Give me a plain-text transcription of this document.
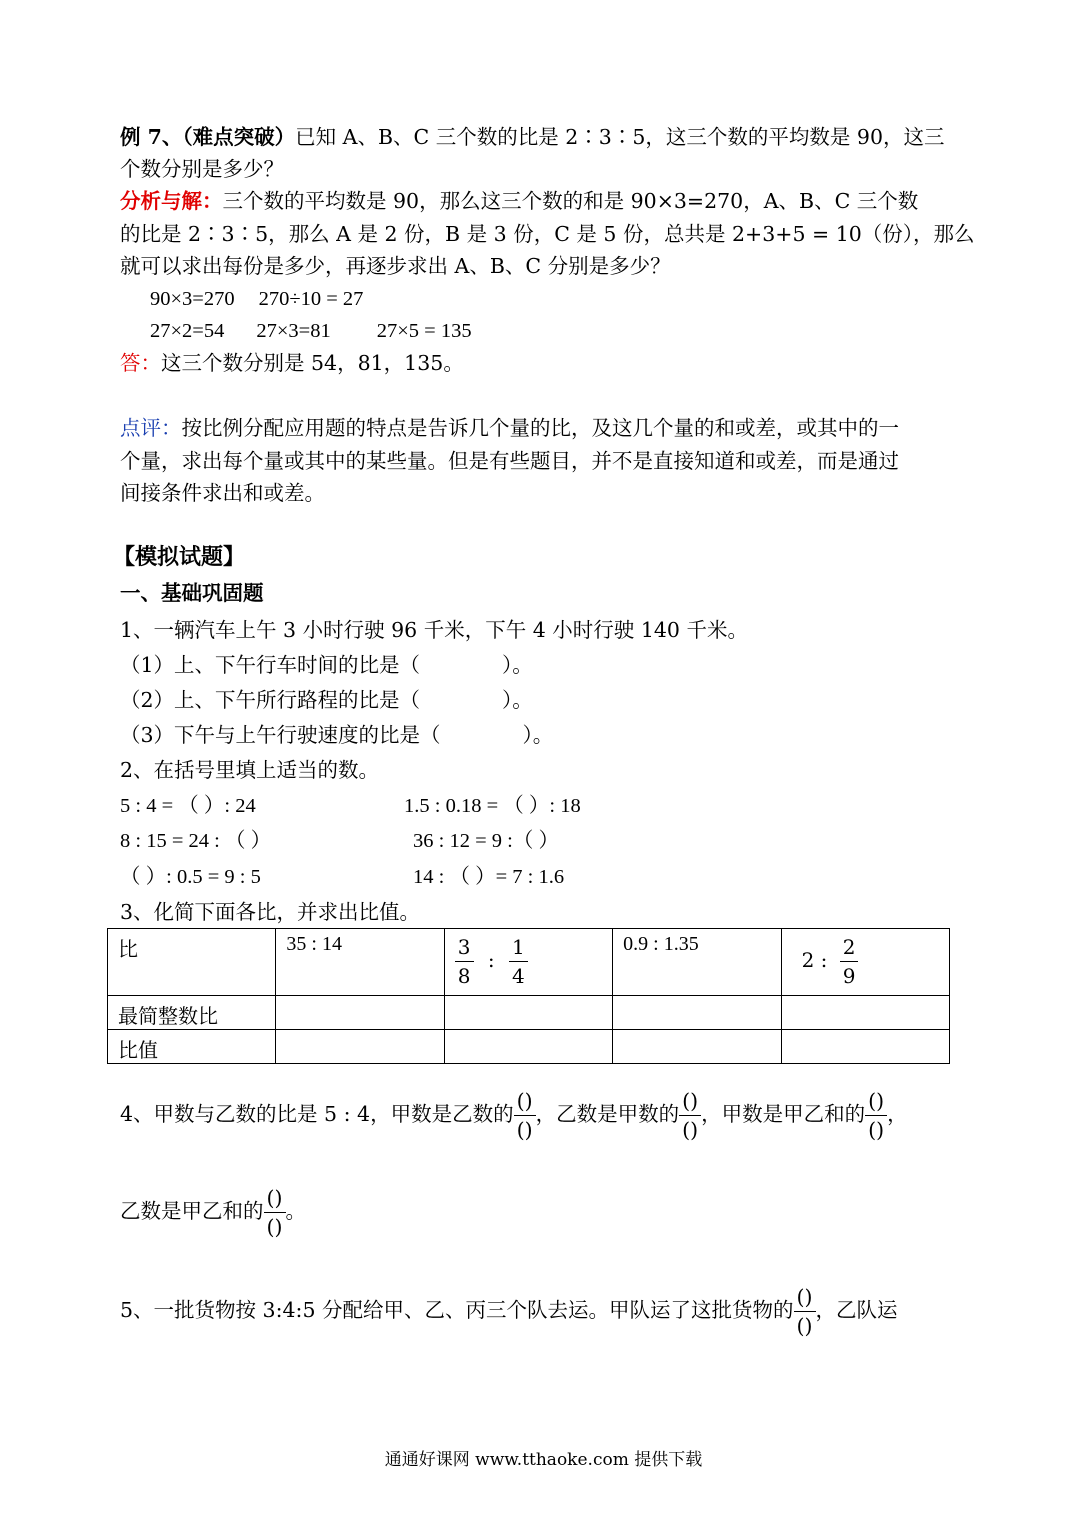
例 7、（难点突破）已知 A、B、C 三个数的比是 2∶3∶5，这三个数的平均数是 90，这三
个数分别是多少？
分析与解：三个数的平均数是 90，那么这三个数的和是 90×3=270，A、B、C 三个数
的比是 2∶3∶5，那么 A 是 2 份，B 是 3 份，C 是 5 份，总共是 2+3+5 = 10（份），那么
就可以求出每份是多少，再逐步求出 A、B、C 分别是多少？
90×3=270 270÷10 = 27
27×2=54 27×3=81 27×5 = 135
答：这三个数分别是 54，81，135。
点评：按比例分配应用题的特点是告诉几个量的比，及这几个量的和或差，或其中的一
个量，求出每个量或其中的某些量。但是有些题目，并不是直接知道和或差，而是通过
间接条件求出和或差。
【模拟试题】
一、基础巩固题
1、一辆汽车上午 3 小时行驶 96 千米，下午 4 小时行驶 140 千米。
（1）上、下午行车时间的比是（　　　　）。
（2）上、下午所行路程的比是（　　　　）。
（3）下午与上午行驶速度的比是（　　　　）。
2、在括号里填上适当的数。
5 : 4 = （ ）: 24	1.5 : 0.18 = （ ）: 18
8 : 15 = 24 : （ ）	36 : 12 = 9 :（ ）
（ ）: 0.5 = 9 : 5	14 : （ ）= 7 : 1.6
3、化简下面各比，并求出比值。
比	35 : 14	$\frac{3}{8}$ : $\frac{1}{4}$	0.9 : 1.35	2 : $\frac{2}{9}$

最简整数比				
比值				
4、甲数与乙数的比是 5 : 4，甲数是乙数的 $\frac{()}{()}$ ，乙数是甲数的 $\frac{()}{()}$ ，甲数是甲乙和的 $\frac{()}{()}$ ，
乙数是甲乙和的 $\frac{()}{()}$ 。
5、一批货物按 3:4:5 分配给甲、乙、丙三个队去运。甲队运了这批货物的 $\frac{()}{()}$ ，乙队运
通通好课网 www.tthaoke.com 提供下载
